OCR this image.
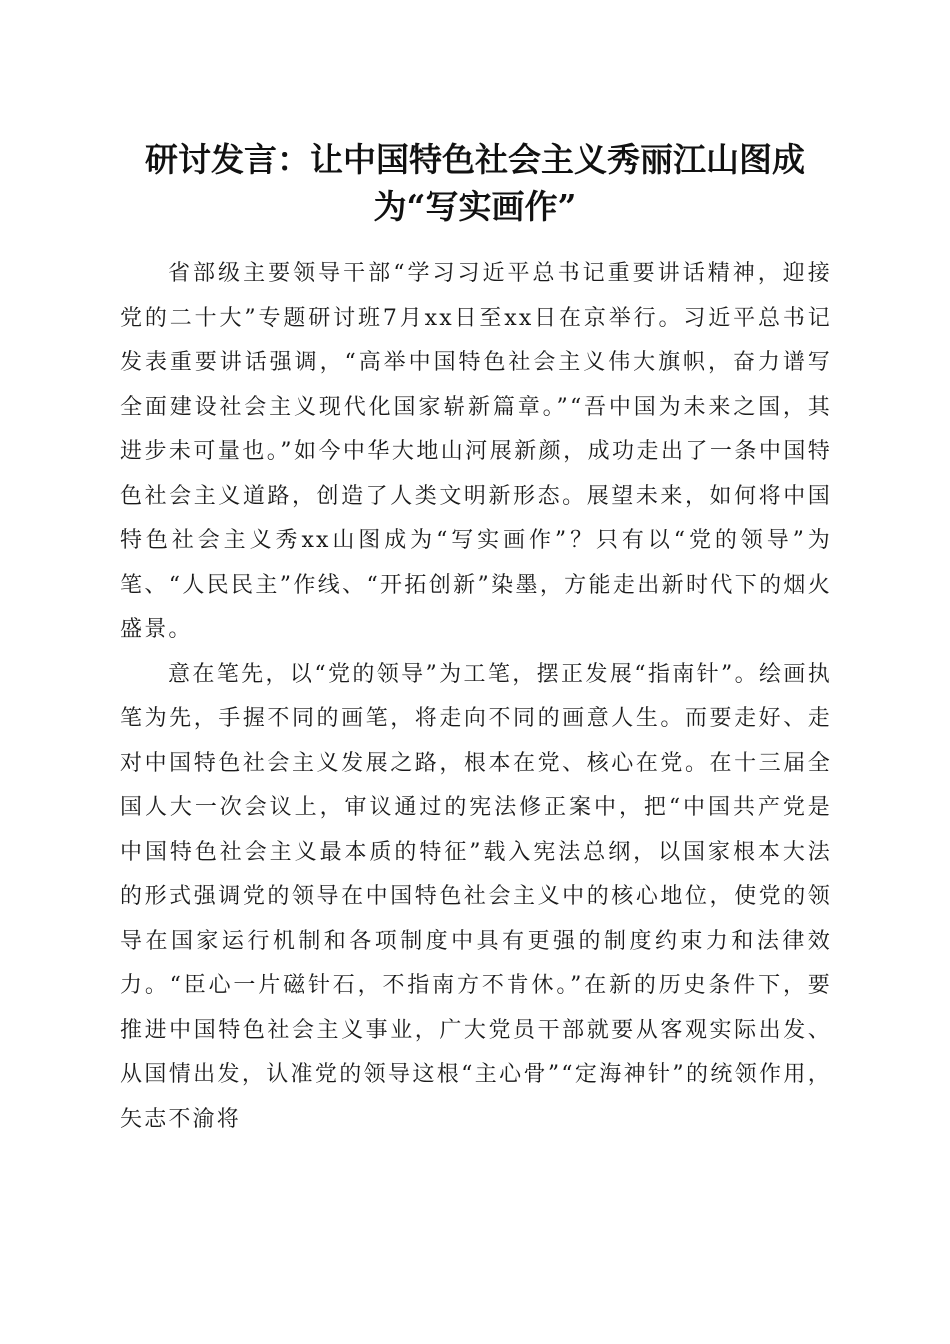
研讨发言：让中国特色社会主义秀丽江山图成
为“写实画作”

省部级主要领导干部“学习习近平总书记重要讲话精神，迎接党的二十大”专题研讨班7月xx日至xx日在京举行。习近平总书记发表重要讲话强调，“高举中国特色社会主义伟大旗帜，奋力谱写全面建设社会主义现代化国家崭新篇章。”“吾中国为未来之国，其进步未可量也。”如今中华大地山河展新颜，成功走出了一条中国特色社会主义道路，创造了人类文明新形态。展望未来，如何将中国特色社会主义秀xx山图成为“写实画作”？只有以“党的领导”为笔、“人民民主”作线、“开拓创新”染墨，方能走出新时代下的烟火盛景。

意在笔先，以“党的领导”为工笔，摆正发展“指南针”。绘画执笔为先，手握不同的画笔，将走向不同的画意人生。而要走好、走对中国特色社会主义发展之路，根本在党、核心在党。在十三届全国人大一次会议上，审议通过的宪法修正案中，把“中国共产党是中国特色社会主义最本质的特征”载入宪法总纲，以国家根本大法的形式强调党的领导在中国特色社会主义中的核心地位，使党的领导在国家运行机制和各项制度中具有更强的制度约束力和法律效力。“臣心一片磁针石，不指南方不肯休。”在新的历史条件下，要推进中国特色社会主义事业，广大党员干部就要从客观实际出发、从国情出发，认准党的领导这根“主心骨”“定海神针”的统领作用，矢志不渝将
